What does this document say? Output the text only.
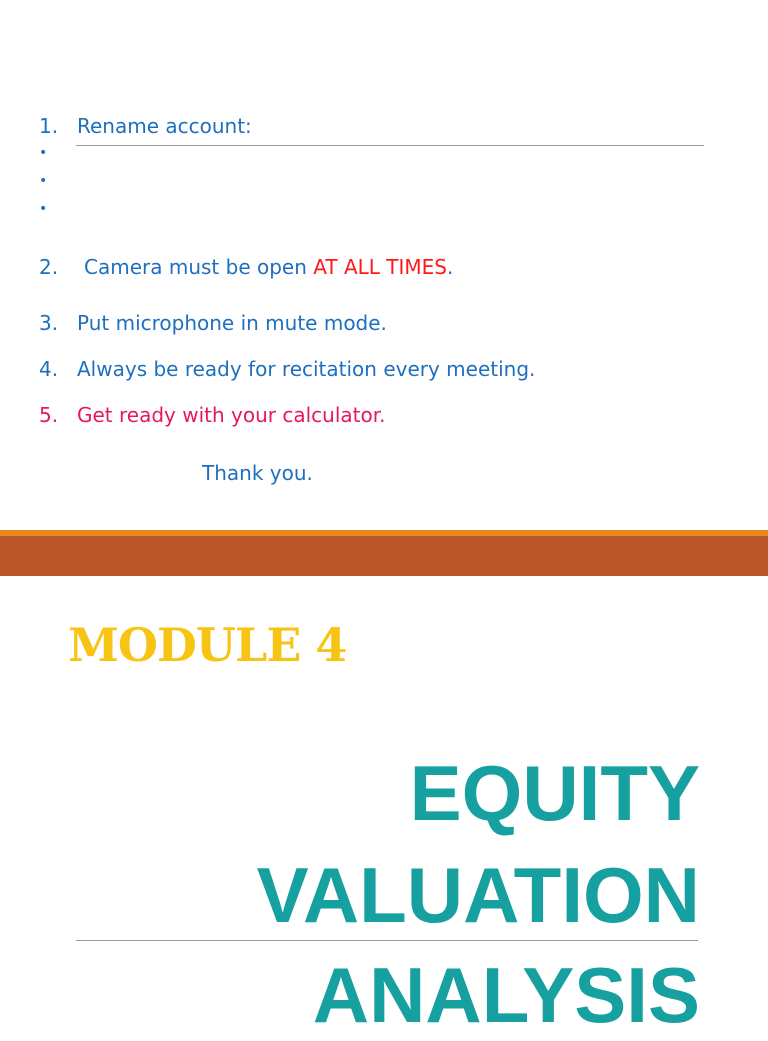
1. Rename account:
•
•
•
2. Camera must be open AT ALL TIMES.
3. Put microphone in mute mode.
4. Always be ready for recitation every meeting.
5. Get ready with your calculator.
Thank you.
MODULE 4
EQUITY
VALUATION
ANALYSIS
